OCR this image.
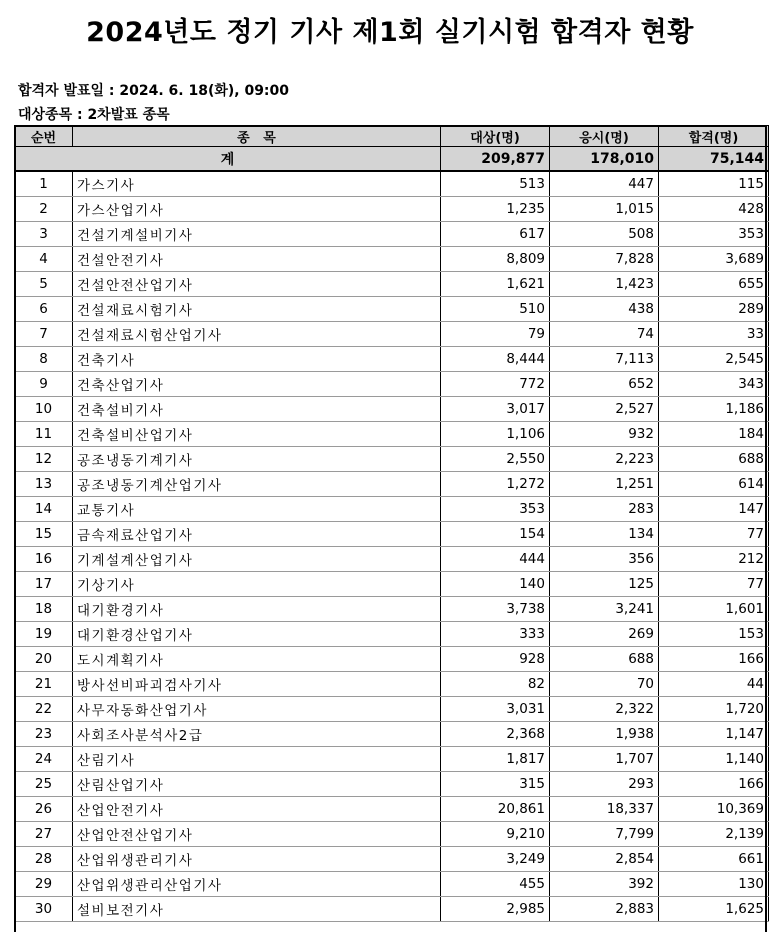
2024년도 정기 기사 제1회 실기시험 합격자 현황
합격자 발표일 : 2024. 6. 18(화), 09:00
대상종목 : 2차발표 종목
순번	종   목	대상(명)	응시(명)	합격(명)
계		209,877	178,010	75,144
1	가스기사	513	447	115
2	가스산업기사	1,235	1,015	428
3	건설기계설비기사	617	508	353
4	건설안전기사	8,809	7,828	3,689
5	건설안전산업기사	1,621	1,423	655
6	건설재료시험기사	510	438	289
7	건설재료시험산업기사	79	74	33
8	건축기사	8,444	7,113	2,545
9	건축산업기사	772	652	343
10	건축설비기사	3,017	2,527	1,186
11	건축설비산업기사	1,106	932	184
12	공조냉동기계기사	2,550	2,223	688
13	공조냉동기계산업기사	1,272	1,251	614
14	교통기사	353	283	147
15	금속재료산업기사	154	134	77
16	기계설계산업기사	444	356	212
17	기상기사	140	125	77
18	대기환경기사	3,738	3,241	1,601
19	대기환경산업기사	333	269	153
20	도시계획기사	928	688	166
21	방사선비파괴검사기사	82	70	44
22	사무자동화산업기사	3,031	2,322	1,720
23	사회조사분석사2급	2,368	1,938	1,147
24	산림기사	1,817	1,707	1,140
25	산림산업기사	315	293	166
26	산업안전기사	20,861	18,337	10,369
27	산업안전산업기사	9,210	7,799	2,139
28	산업위생관리기사	3,249	2,854	661
29	산업위생관리산업기사	455	392	130
30	설비보전기사	2,985	2,883	1,625
